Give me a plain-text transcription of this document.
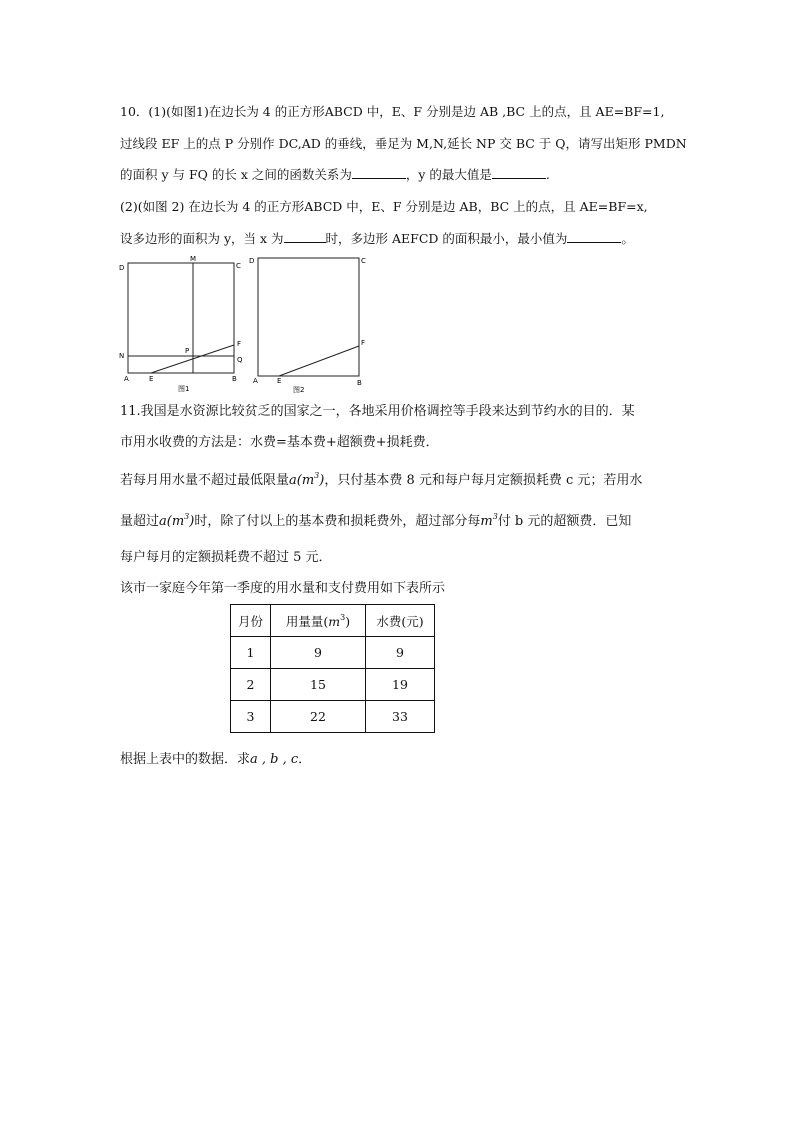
10．(1)(如图1)在边长为 4 的正方形ABCD 中，E、F 分别是边 AB ,BC 上的点，且 AE=BF=1,
过线段 EF 上的点 P 分别作 DC,AD 的垂线，垂足为 M,N,延长 NP 交 BC 于 Q，请写出矩形 PMDN
的面积 y 与 FQ 的长 x 之间的函数关系为	，y 的最大值是	.
(2)(如图 2) 在边长为 4 的正方形ABCD 中，E、F 分别是边 AB，BC 上的点，且 AE=BF=x,
设多边形的面积为 y，当 x 为	时，多边形 AEFCD 的面积最小，最小值为	。
D
M
C
N
P
F
Q
A	E	B
图1
D	C
F
A	E	B
图2
11.我国是水资源比较贫乏的国家之一，各地采用价格调控等手段来达到节约水的目的．某
市用水收费的方法是：水费=基本费+超额费+损耗费．
若每月用水量不超过最低限量$a(m^3)$，只付基本费 8 元和每户每月定额损耗费 c 元；若用水
量超过$a(m^3)$时，除了付以上的基本费和损耗费外，超过部分每$m^3$付 b 元的超额费．已知
每户每月的定额损耗费不超过 5 元．
该市一家庭今年第一季度的用水量和支付费用如下表所示
月份	用量量$(m^3)$	水费(元)
1	9	9
2	15	19
3	22	33
根据上表中的数据．求a , b , c．
